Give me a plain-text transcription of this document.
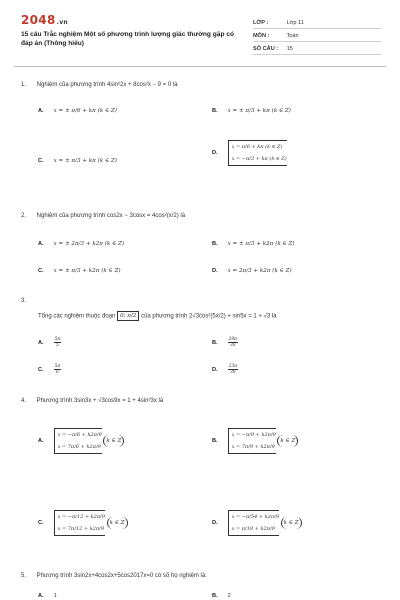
2048.vn
15 câu Trắc nghiệm Một số phương trình lượng giác thường gặp có đáp án (Thông hiểu)
LỚP :	Lớp 11
MÔN :	Toán
SỐ CÂU : 15
1. Nghiệm của phương trình 4sin²2x + 8cos²x − 9 = 0 là
A. x = ± π/6 + kπ (k ∈ Z)	B. x = ± π/3 + kπ (k ∈ Z)
C. x = ± π/3 + kπ (k ∈ Z)
D.
x = π/6 + kπ (k ∈ Z)
x = −π/3 + kπ (k ∈ Z)
2. Nghiệm của phương trình cos2x − 3cosx = 4cos²(x/2) là
A. x = ± 2π/3 + k2π (k ∈ Z)	B. x = ± π/3 + k2π (k ∈ Z)
C. x = ± π/3 + k2π (k ∈ Z)	D. x = 2π/3 + k2π (k ∈ Z)
3.
Tổng các nghiệm thuộc đoạn 0; π/2 của phương trình 2√3cos²(5x/2) + sin5x = 1 + √3 là
A. $\frac{5\pi}{5}$	B. $\frac{29\pi}{30}$
C. $\frac{5\pi}{6}$	D. $\frac{23\pi}{30}$
4. Phương trình 3sin3x + √3cos9x = 1 + 4sin³3x là
A.
x = −π/6 + k2π/9
x = 7π/6 + k2π/9
k ∈ Z	B.
x = −π/9 + k2π/9
x = 7π/9 + k2π/9
k ∈ Z
C.
x = −π/12 + k2π/9
x = 7π/12 + k2π/9
k ∈ Z	D.
x = −π/54 + k2π/9
x = π/18 + k2π/9
k ∈ Z
5. Phương trình 3sin2x+4cos2x+5cos2017x=0 có số họ nghiệm là:
A. 1	B. 2
